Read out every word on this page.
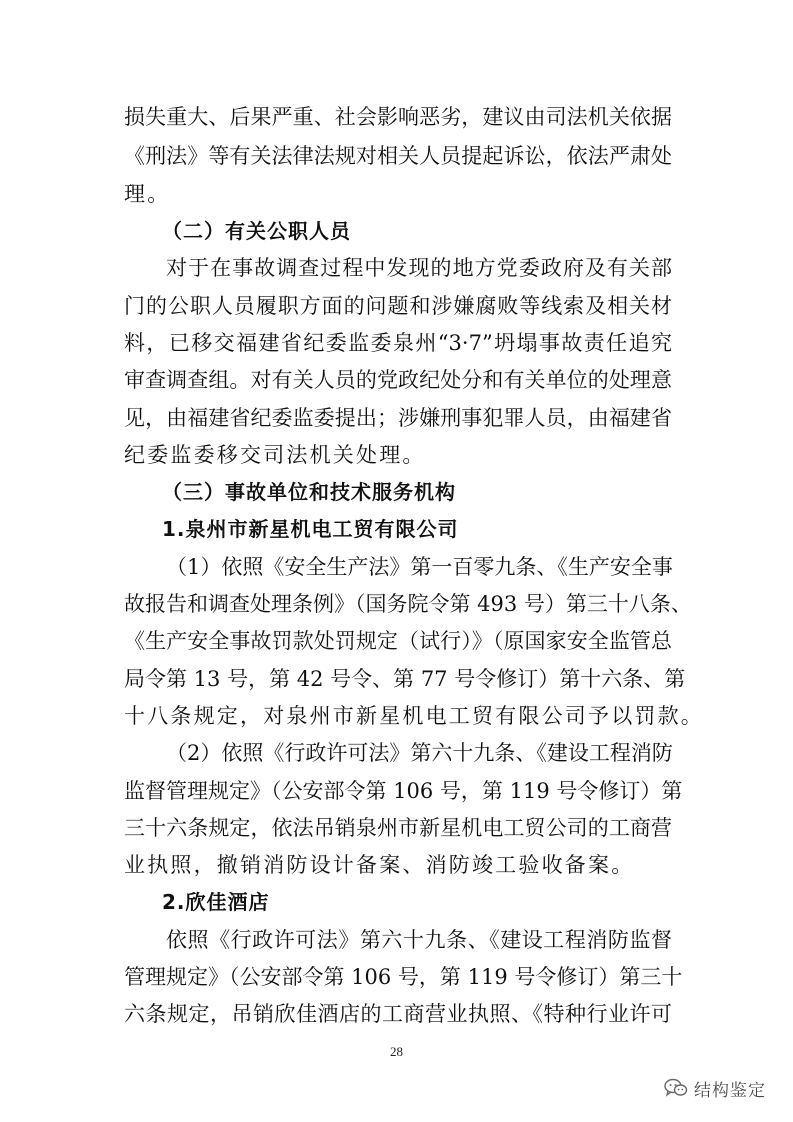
损失重大、后果严重、社会影响恶劣，建议由司法机关依据
《刑法》等有关法律法规对相关人员提起诉讼，依法严肃处
理。
（二）有关公职人员
对于在事故调查过程中发现的地方党委政府及有关部
门的公职人员履职方面的问题和涉嫌腐败等线索及相关材
料，已移交福建省纪委监委泉州“3·7”坍塌事故责任追究
审查调查组。对有关人员的党政纪处分和有关单位的处理意
见，由福建省纪委监委提出；涉嫌刑事犯罪人员，由福建省
纪委监委移交司法机关处理。
（三）事故单位和技术服务机构
1.泉州市新星机电工贸有限公司
（1）依照《安全生产法》第一百零九条、《生产安全事
故报告和调查处理条例》（国务院令第 493 号）第三十八条、
《生产安全事故罚款处罚规定（试行）》（原国家安全监管总
局令第 13 号，第 42 号令、第 77 号令修订）第十六条、第
十八条规定，对泉州市新星机电工贸有限公司予以罚款。
（2）依照《行政许可法》第六十九条、《建设工程消防
监督管理规定》（公安部令第 106 号，第 119 号令修订）第
三十六条规定，依法吊销泉州市新星机电工贸公司的工商营
业执照，撤销消防设计备案、消防竣工验收备案。
2.欣佳酒店
依照《行政许可法》第六十九条、《建设工程消防监督
管理规定》（公安部令第 106 号，第 119 号令修订）第三十
六条规定，吊销欣佳酒店的工商营业执照、《特种行业许可
28
结构鉴定
